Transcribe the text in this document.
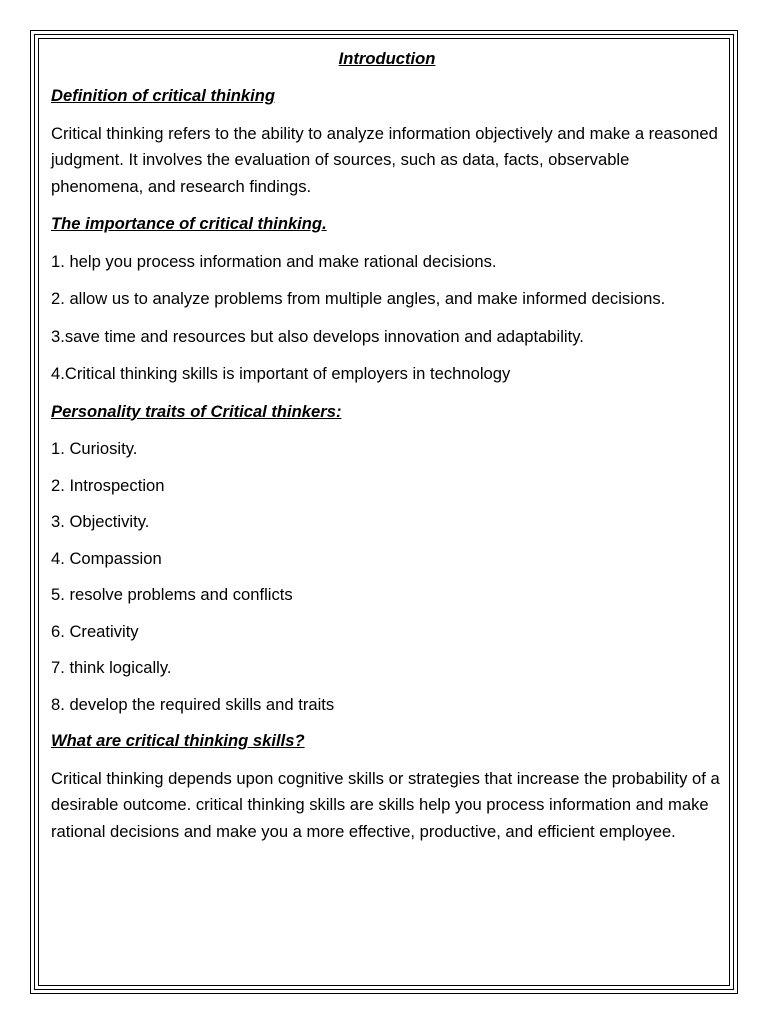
Introduction
Definition of critical thinking

Critical thinking refers to the ability to analyze information objectively and make a reasoned judgment. It involves the evaluation of sources, such as data, facts, observable phenomena, and research findings.

The importance of critical thinking.

1. help you process information and make rational decisions.

2. allow us to analyze problems from multiple angles, and make informed decisions.

3.save time and resources but also develops innovation and adaptability.

4.Critical thinking skills is important of employers in technology

Personality traits of Critical thinkers:

1. Curiosity.

2. Introspection

3. Objectivity.

4. Compassion

5. resolve problems and conflicts

6. Creativity

7. think logically.

8. develop the required skills and traits

What are critical thinking skills?

Critical thinking depends upon cognitive skills or strategies that increase the probability of a desirable outcome. critical thinking skills are skills help you process information and make rational decisions and make you a more effective, productive, and efficient employee.
